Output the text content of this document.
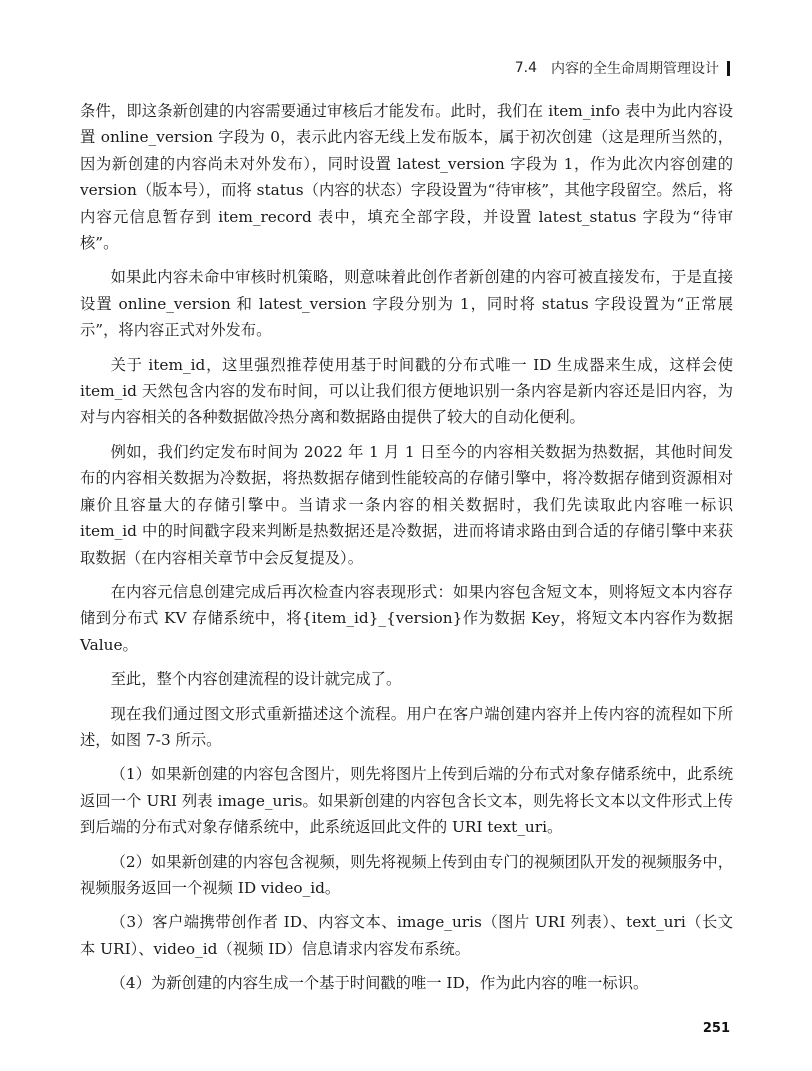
7.4 内容的全生命周期管理设计

条件，即这条新创建的内容需要通过审核后才能发布。此时，我们在 item_info 表中为此内容设置 online_version 字段为 0，表示此内容无线上发布版本，属于初次创建（这是理所当然的，因为新创建的内容尚未对外发布），同时设置 latest_version 字段为 1，作为此次内容创建的 version（版本号），而将 status（内容的状态）字段设置为“待审核”，其他字段留空。然后，将内容元信息暂存到 item_record 表中，填充全部字段，并设置 latest_status 字段为“待审核”。

如果此内容未命中审核时机策略，则意味着此创作者新创建的内容可被直接发布，于是直接设置 online_version 和 latest_version 字段分别为 1，同时将 status 字段设置为“正常展示”，将内容正式对外发布。

关于 item_id，这里强烈推荐使用基于时间戳的分布式唯一 ID 生成器来生成，这样会使 item_id 天然包含内容的发布时间，可以让我们很方便地识别一条内容是新内容还是旧内容，为对与内容相关的各种数据做冷热分离和数据路由提供了较大的自动化便利。

例如，我们约定发布时间为 2022 年 1 月 1 日至今的内容相关数据为热数据，其他时间发布的内容相关数据为冷数据，将热数据存储到性能较高的存储引擎中，将冷数据存储到资源相对廉价且容量大的存储引擎中。当请求一条内容的相关数据时，我们先读取此内容唯一标识 item_id 中的时间戳字段来判断是热数据还是冷数据，进而将请求路由到合适的存储引擎中来获取数据（在内容相关章节中会反复提及）。

在内容元信息创建完成后再次检查内容表现形式：如果内容包含短文本，则将短文本内容存储到分布式 KV 存储系统中，将{item_id}_{version}作为数据 Key，将短文本内容作为数据 Value。

至此，整个内容创建流程的设计就完成了。

现在我们通过图文形式重新描述这个流程。用户在客户端创建内容并上传内容的流程如下所述，如图 7-3 所示。

（1）如果新创建的内容包含图片，则先将图片上传到后端的分布式对象存储系统中，此系统返回一个 URI 列表 image_uris。如果新创建的内容包含长文本，则先将长文本以文件形式上传到后端的分布式对象存储系统中，此系统返回此文件的 URI text_uri。

（2）如果新创建的内容包含视频，则先将视频上传到由专门的视频团队开发的视频服务中，视频服务返回一个视频 ID video_id。

（3）客户端携带创作者 ID、内容文本、image_uris（图片 URI 列表）、text_uri（长文本 URI）、video_id（视频 ID）信息请求内容发布系统。

（4）为新创建的内容生成一个基于时间戳的唯一 ID，作为此内容的唯一标识。

251
